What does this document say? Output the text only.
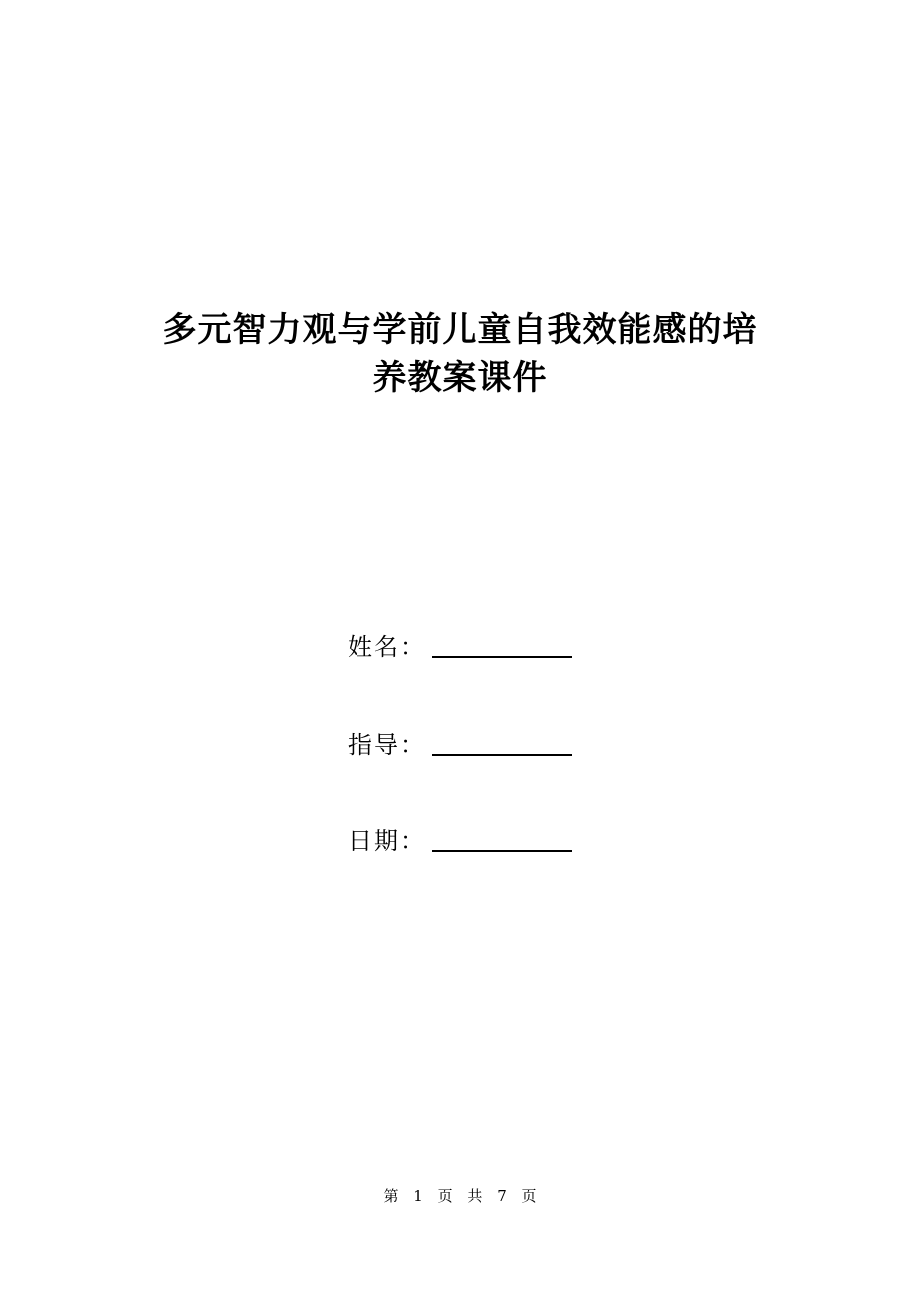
多元智力观与学前儿童自我效能感的培
养教案课件
姓名：
指导：
日期：
第 1 页 共 7 页
